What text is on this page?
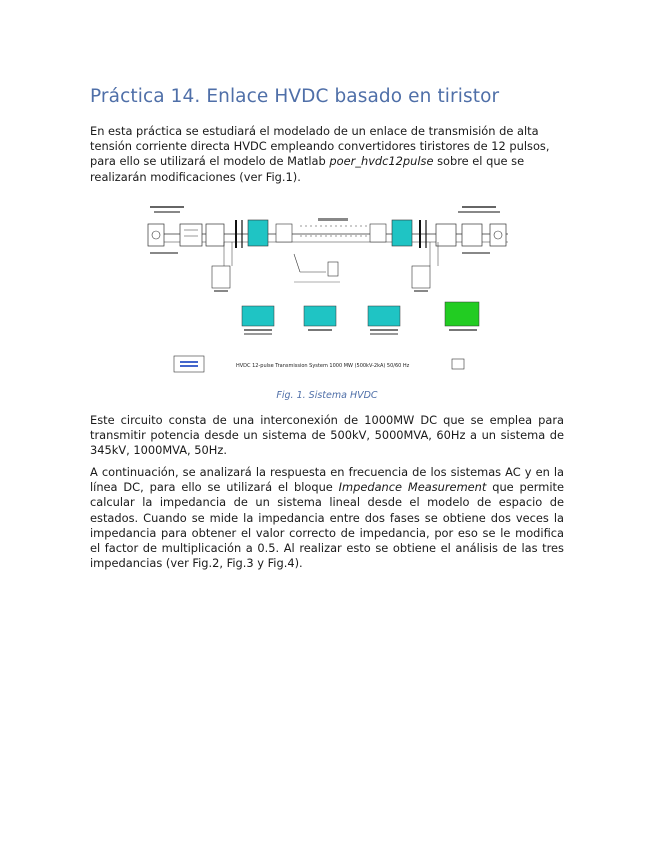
Práctica 14. Enlace HVDC basado en tiristor

En esta práctica se estudiará el modelado de un enlace de transmisión de alta tensión corriente directa HVDC empleando convertidores tiristores de 12 pulsos, para ello se utilizará el modelo de Matlab poer_hvdc12pulse sobre el que se realizarán modificaciones (ver Fig.1).

HVDC 12-pulse Transmission System 1000 MW (500kV-2kA) 50/60 Hz

Fig. 1. Sistema HVDC

Este circuito consta de una interconexión de 1000MW DC que se emplea para transmitir potencia desde un sistema de 500kV, 5000MVA, 60Hz a un sistema de 345kV, 1000MVA, 50Hz.

A continuación, se analizará la respuesta en frecuencia de los sistemas AC y en la línea DC, para ello se utilizará el bloque Impedance Measurement que permite calcular la impedancia de un sistema lineal desde el modelo de espacio de estados. Cuando se mide la impedancia entre dos fases se obtiene dos veces la impedancia para obtener el valor correcto de impedancia, por eso se le modifica el factor de multiplicación a 0.5. Al realizar esto se obtiene el análisis de las tres impedancias (ver Fig.2, Fig.3 y Fig.4).
